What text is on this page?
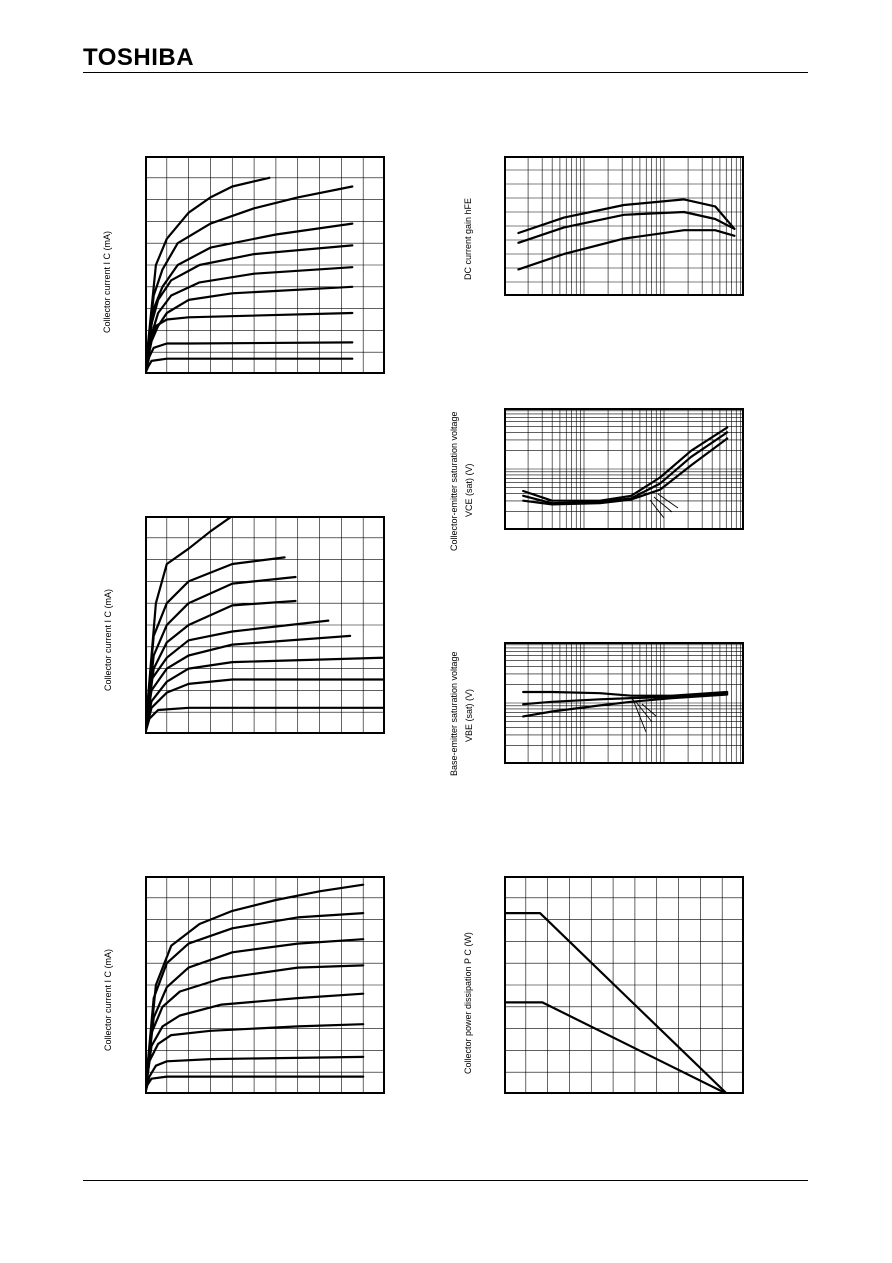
TOSHIBA
Collector current I C (mA)
Collector current I C (mA)
Collector current I C (mA)
DC current gain hFE
Collector-emitter saturation voltage VCE (sat) (V)
Base-emitter saturation voltage VBE (sat) (V)
Collector power dissipation P C (W)
